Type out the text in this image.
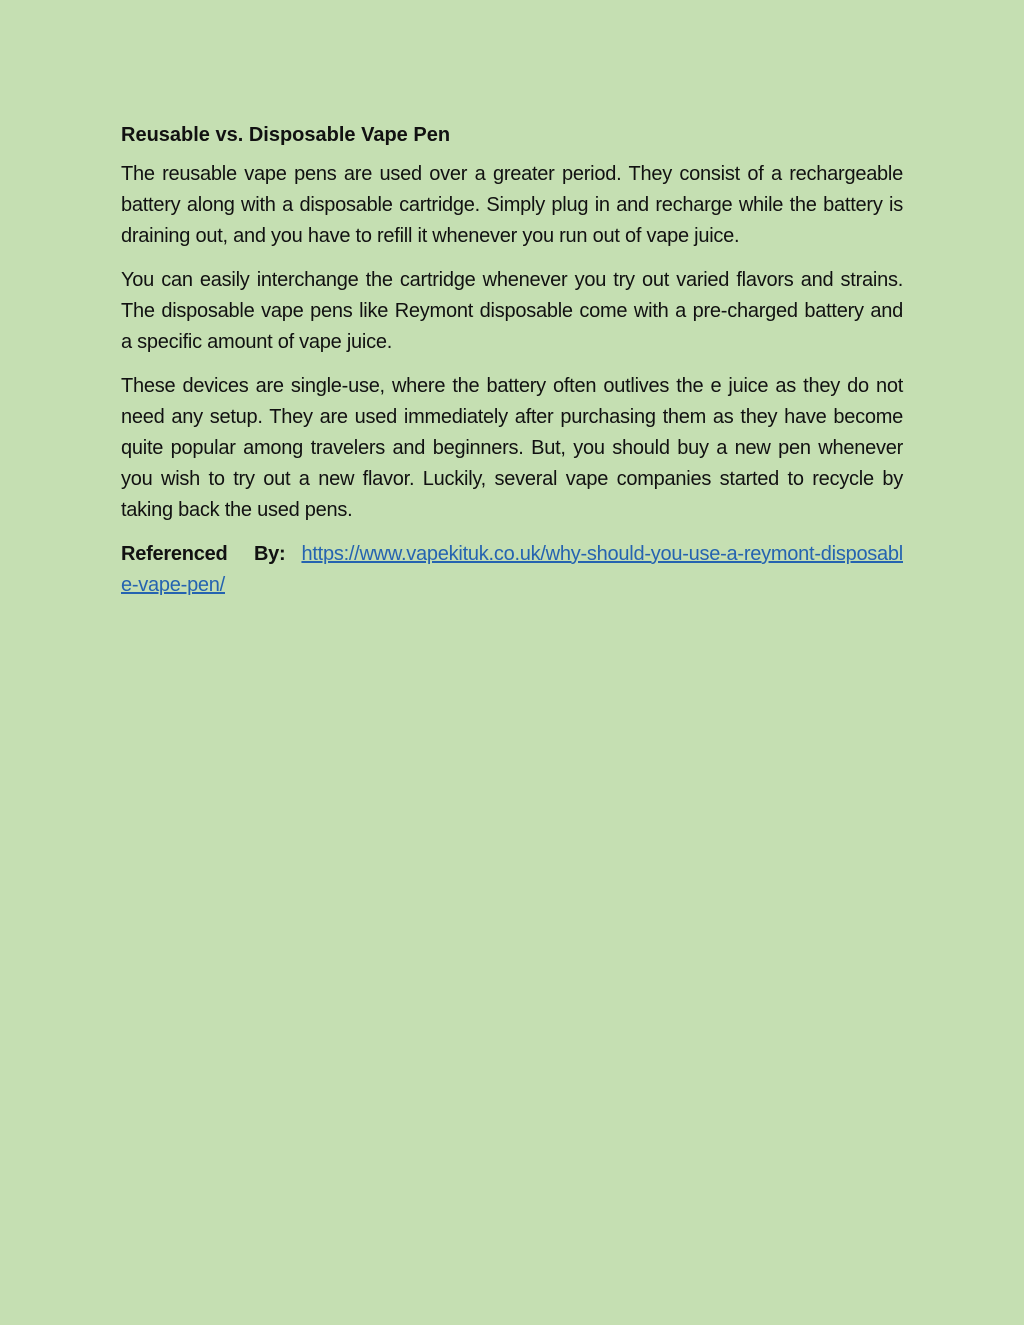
Reusable vs. Disposable Vape Pen

The reusable vape pens are used over a greater period. They consist of a rechargeable battery along with a disposable cartridge. Simply plug in and recharge while the battery is draining out, and you have to refill it whenever you run out of vape juice.

You can easily interchange the cartridge whenever you try out varied flavors and strains. The disposable vape pens like Reymont disposable come with a pre-charged battery and a specific amount of vape juice.

These devices are single-use, where the battery often outlives the e juice as they do not need any setup. They are used immediately after purchasing them as they have become quite popular among travelers and beginners. But, you should buy a new pen whenever you wish to try out a new flavor. Luckily, several vape companies started to recycle by taking back the used pens.

Referenced By: https://www.vapekituk.co.uk/why-should-you-use-a-reymont-disposable-vape-pen/
